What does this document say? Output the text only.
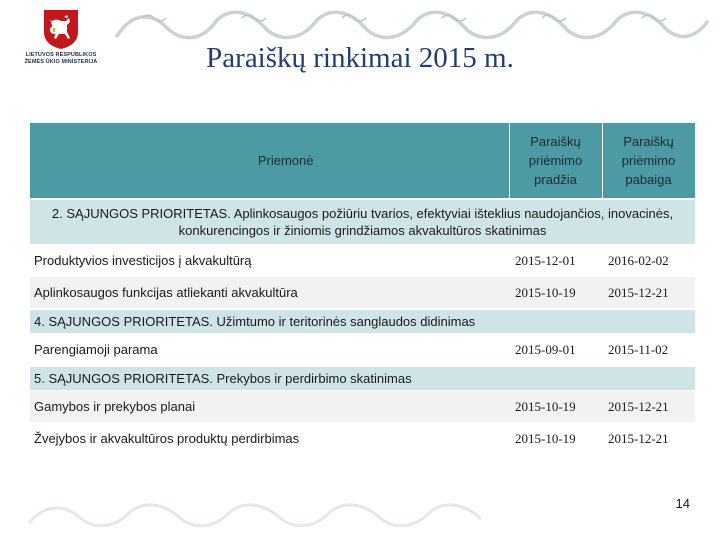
LIETUVOS RESPUBLIKOS
ŽEMĖS ŪKIO MINISTERIJA	Paraiškų rinkimai 2015 m.
Priemonė	Paraiškų priėmimo pradžia	Paraiškų priėmimo pabaiga
2. SĄJUNGOS PRIORITETAS. Aplinkosaugos požiūriu tvarios, efektyviai išteklius naudojančios, inovacinės, konkurencingos ir žiniomis grindžiamos akvakultūros skatinimas		
Produktyvios investicijos į akvakultūrą	2015-12-01	2016-02-02
Aplinkosaugos funkcijas atliekanti akvakultūra	2015-10-19	2015-12-21
4. SĄJUNGOS PRIORITETAS. Užimtumo ir teritorinės sanglaudos didinimas		
Parengiamoji parama	2015-09-01	2015-11-02
5. SĄJUNGOS PRIORITETAS. Prekybos ir perdirbimo skatinimas		
Gamybos ir prekybos planai	2015-10-19	2015-12-21
Žvejybos ir akvakultūros produktų perdirbimas	2015-10-19	2015-12-21
14
